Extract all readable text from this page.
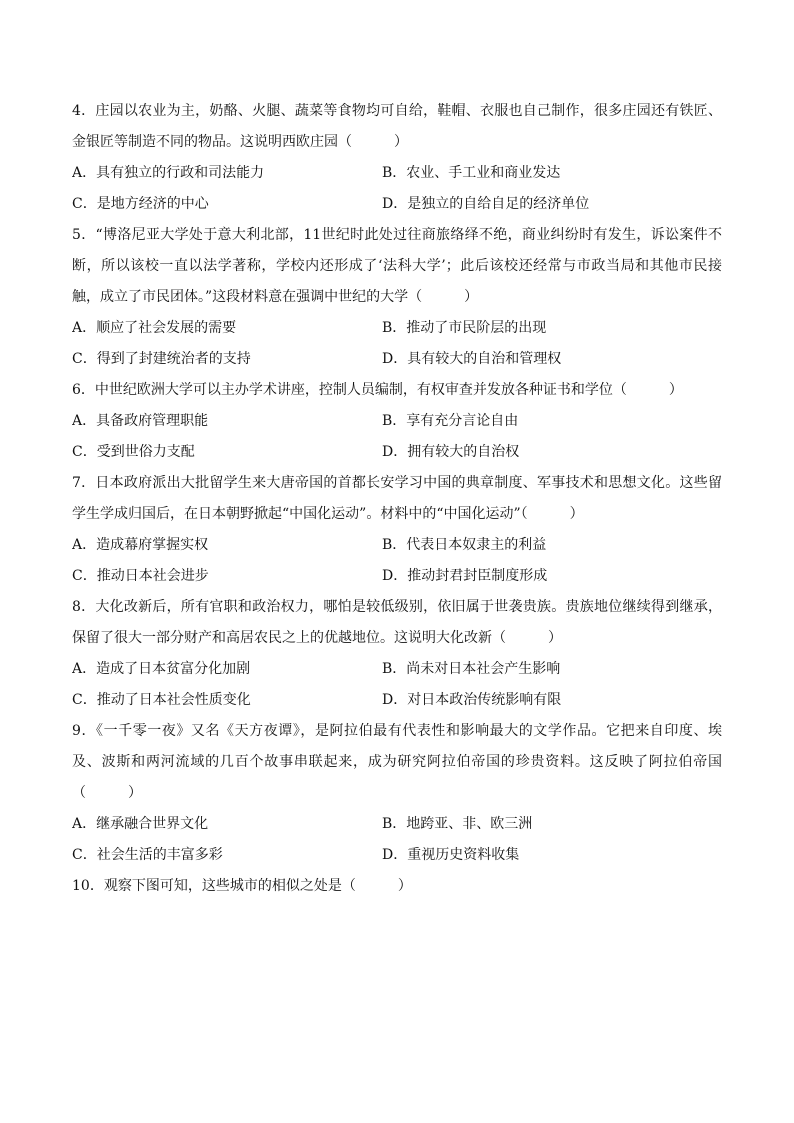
4．庄园以农业为主，奶酪、火腿、蔬菜等食物均可自给，鞋帽、衣服也自己制作，很多庄园还有铁匠、金银匠等制造不同的物品。这说明西欧庄园（　　　）

A．具有独立的行政和司法能力	B．农业、手工业和商业发达
C．是地方经济的中心	D．是独立的自给自足的经济单位

5．“博洛尼亚大学处于意大利北部，11世纪时此处过往商旅络绎不绝，商业纠纷时有发生，诉讼案件不断，所以该校一直以法学著称，学校内还形成了‘法科大学’；此后该校还经常与市政当局和其他市民接触，成立了市民团体。”这段材料意在强调中世纪的大学（　　　）

A．顺应了社会发展的需要	B．推动了市民阶层的出现
C．得到了封建统治者的支持	D．具有较大的自治和管理权

6．中世纪欧洲大学可以主办学术讲座，控制人员编制，有权审查并发放各种证书和学位（　　　）

A．具备政府管理职能	B．享有充分言论自由
C．受到世俗力支配	D．拥有较大的自治权

7．日本政府派出大批留学生来大唐帝国的首都长安学习中国的典章制度、军事技术和思想文化。这些留学生学成归国后，在日本朝野掀起“中国化运动”。材料中的“中国化运动”（　　　）

A．造成幕府掌握实权	B．代表日本奴隶主的利益
C．推动日本社会进步	D．推动封君封臣制度形成

8．大化改新后，所有官职和政治权力，哪怕是较低级别，依旧属于世袭贵族。贵族地位继续得到继承，保留了很大一部分财产和高居农民之上的优越地位。这说明大化改新（　　　）

A．造成了日本贫富分化加剧	B．尚未对日本社会产生影响
C．推动了日本社会性质变化	D．对日本政治传统影响有限

9．《一千零一夜》又名《天方夜谭》，是阿拉伯最有代表性和影响最大的文学作品。它把来自印度、埃及、波斯和两河流域的几百个故事串联起来，成为研究阿拉伯帝国的珍贵资料。这反映了阿拉伯帝国（　　　）

A．继承融合世界文化	B．地跨亚、非、欧三洲
C．社会生活的丰富多彩	D．重视历史资料收集

10．观察下图可知，这些城市的相似之处是（　　　）
